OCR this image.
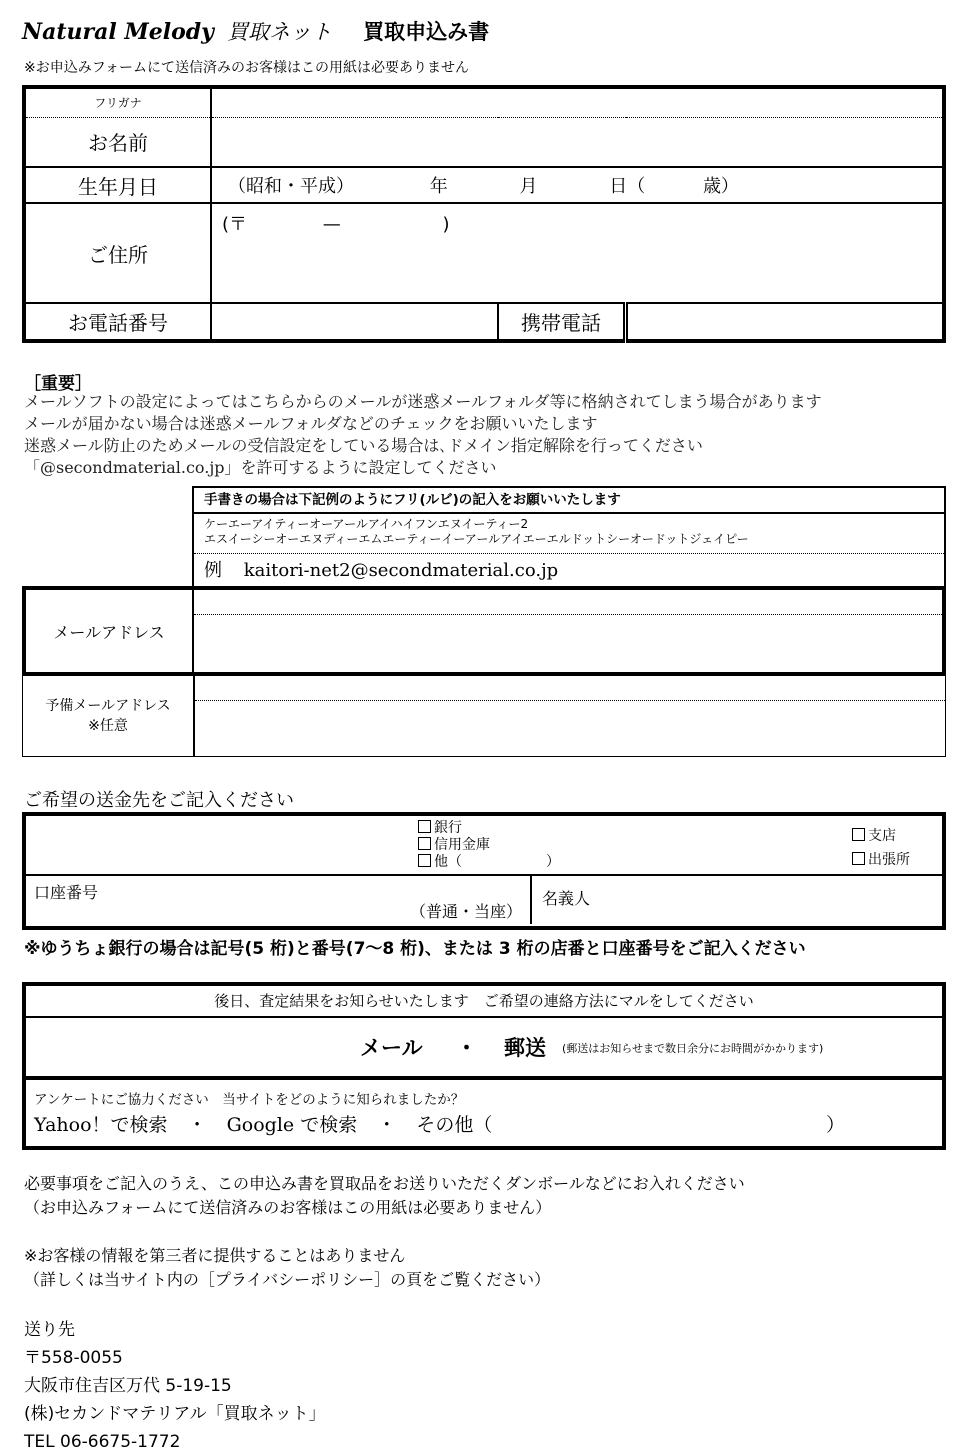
Natural Melody 買取ネット 買取申込み書
※お申込みフォームにて送信済みのお客様はこの用紙は必要ありません
フリガナ			
お名前			
生年月日	（昭和・平成） 年 月 日（ 歳）		
ご住所	(〒 — )		
お電話番号		携帯電話	
［重要］
メールソフトの設定によってはこちらからのメールが迷惑メールフォルダ等に格納されてしまう場合があります
メールが届かない場合は迷惑メールフォルダなどのチェックをお願いいたします
迷惑メール防止のためメールの受信設定をしている場合は､ドメイン指定解除を行ってください
「@secondmaterial.co.jp」を許可するように設定してください
手書きの場合は下記例のようにフリ(ルビ)の記入をお願いいたします
ケーエーアイティーオーアールアイハイフンエヌイーティー2
エスイーシーオーエヌディーエムエーティーイーアールアイエーエルドットシーオードットジェイピー
例 kaitori-net2@secondmaterial.co.jp
メールアドレス
予備メールアドレス
※任意
ご希望の送金先をご記入ください
銀行
信用金庫
他（　　　　　　）
支店
出張所
口座番号
（普通・当座）
名義人
※ゆうちょ銀行の場合は記号(5 桁)と番号(7～8 桁)、または 3 桁の店番と口座番号をご記入ください
後日、査定結果をお知らせいたします　ご希望の連絡方法にマルをしてください
メール ・ 郵送 (郵送はお知らせまで数日余分にお時間がかかります)
アンケートにご協力ください　当サイトをどのように知られましたか？
Yahoo！で検索 ・ Google で検索 ・ その他（	）
必要事項をご記入のうえ、この申込み書を買取品をお送りいただくダンボールなどにお入れください
（お申込みフォームにて送信済みのお客様はこの用紙は必要ありません）
※お客様の情報を第三者に提供することはありません
（詳しくは当サイト内の［プライバシーポリシー］の頁をご覧ください）
送り先
〒558-0055
大阪市住吉区万代 5-19-15
(株)セカンドマテリアル「買取ネット」
TEL 06-6675-1772
